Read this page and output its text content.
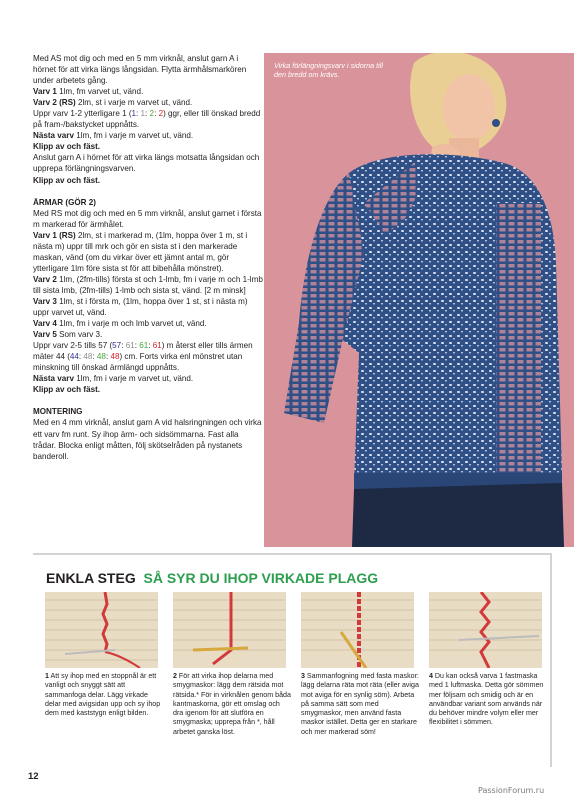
Med AS mot dig och med en 5 mm virknål, anslut garn A i hörnet för att virka längs långsidan. Flytta ärmhålsmarkören under arbetets gång.

Varv 1 1lm, fm varvet ut, vänd.

Varv 2 (RS) 2lm, st i varje m varvet ut, vänd.

Uppr varv 1-2 ytterligare 1 (1: 1: 2: 2) ggr, eller till önskad bredd på fram-/bakstycket uppnåtts.

Nästa varv 1lm, fm i varje m varvet ut, vänd.

Klipp av och fäst.

Anslut garn A i hörnet för att virka längs motsatta långsidan och upprepa förlängningsvarven.

Klipp av och fäst.

ÄRMAR (GÖR 2)

Med RS mot dig och med en 5 mm virknål, anslut garnet i första m markerad för ärmhålet.

Varv 1 (RS) 2lm, st i markerad m, (1lm, hoppa över 1 m, st i nästa m) uppr till mrk och gör en sista st i den markerade maskan, vänd (om du virkar över ett jämnt antal m, gör ytterligare 1lm före sista st för att bibehålla mönstret).

Varv 2 1lm, (2fm-tills) första st och 1-lmb, fm i varje m och 1-lmb till sista lmb, (2fm-tills) 1-lmb och sista st, vänd. [2 m minsk]

Varv 3 1lm, st i första m, (1lm, hoppa över 1 st, st i nästa m) uppr varvet ut, vänd.

Varv 4 1lm, fm i varje m och lmb varvet ut, vänd.

Varv 5 Som varv 3.

Uppr varv 2-5 tills 57 (57: 61: 61: 61) m återst eller tills ärmen mäter 44 (44: 48: 48: 48) cm. Forts virka enl mönstret utan minskning till önskad ärmlängd uppnåtts.

Nästa varv 1lm, fm i varje m varvet ut, vänd.

Klipp av och fäst.

MONTERING

Med en 4 mm virknål, anslut garn A vid halsringningen och virka ett varv fm runt. Sy ihop ärm- och sidsömmarna. Fast alla trådar. Blocka enligt måtten, följ skötselråden på nystanets banderoll.

Virka förlängningsvarv i sidorna till den bredd om krävs.
ENKLA STEG SÅ SYR DU IHOP VIRKADE PLAGG
1 Att sy ihop med en stoppnål är ett vanligt och snyggt sätt att sammanfoga delar. Lägg virkade delar med avigsidan upp och sy ihop dem med kaststygn enligt bilden.
2 För att virka ihop delarna med smygmaskor: lägg dem rätsida mot rätsida.* För in virknålen genom båda kantmaskorna, gör ett omslag och dra igenom för att slutföra en smygmaska; upprepa från *, håll arbetet ganska löst.
3 Sammanfogning med fasta maskor: lägg delarna räta mot räta (eller aviga mot aviga för en synlig söm). Arbeta på samma sätt som med smygmaskor, men använd fasta maskor istället. Detta ger en starkare och mer markerad söm!
4 Du kan också varva 1 fastmaska med 1 luftmaska. Detta gör sömmen mer följsam och smidig och är en användbar variant som används när du behöver mindre volym eller mer flexibilitet i sömmen.
12
PassionForum.ru
